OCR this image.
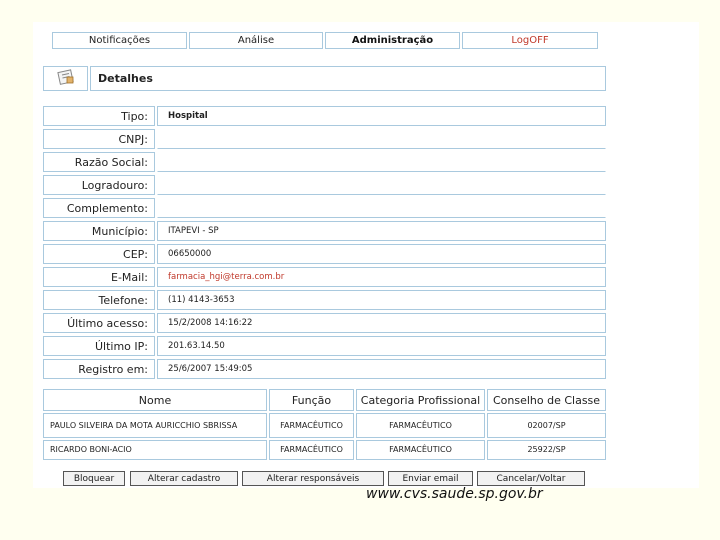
Notificações	Análise	Administração	LogOFF
Detalhes
Tipo:	Hospital
CNPJ:
Razão Social:
Logradouro:
Complemento:
Município:	ITAPEVI - SP
CEP:	06650000
E-Mail:	farmacia_hgi@terra.com.br
Telefone:	(11) 4143-3653
Último acesso:	15/2/2008 14:16:22
Último IP:	201.63.14.50
Registro em:	25/6/2007 15:49:05
Nome	Função	Categoria Profissional	Conselho de Classe
PAULO SILVEIRA DA MOTA AURICCHIO SBRISSA	FARMACÊUTICO	FARMACÊUTICO	02007/SP
RICARDO BONI-ACIO	FARMACÊUTICO	FARMACÊUTICO	25922/SP
Bloquear	Alterar cadastro	Alterar responsáveis	Enviar email	Cancelar/Voltar
www.cvs.saude.sp.gov.br
